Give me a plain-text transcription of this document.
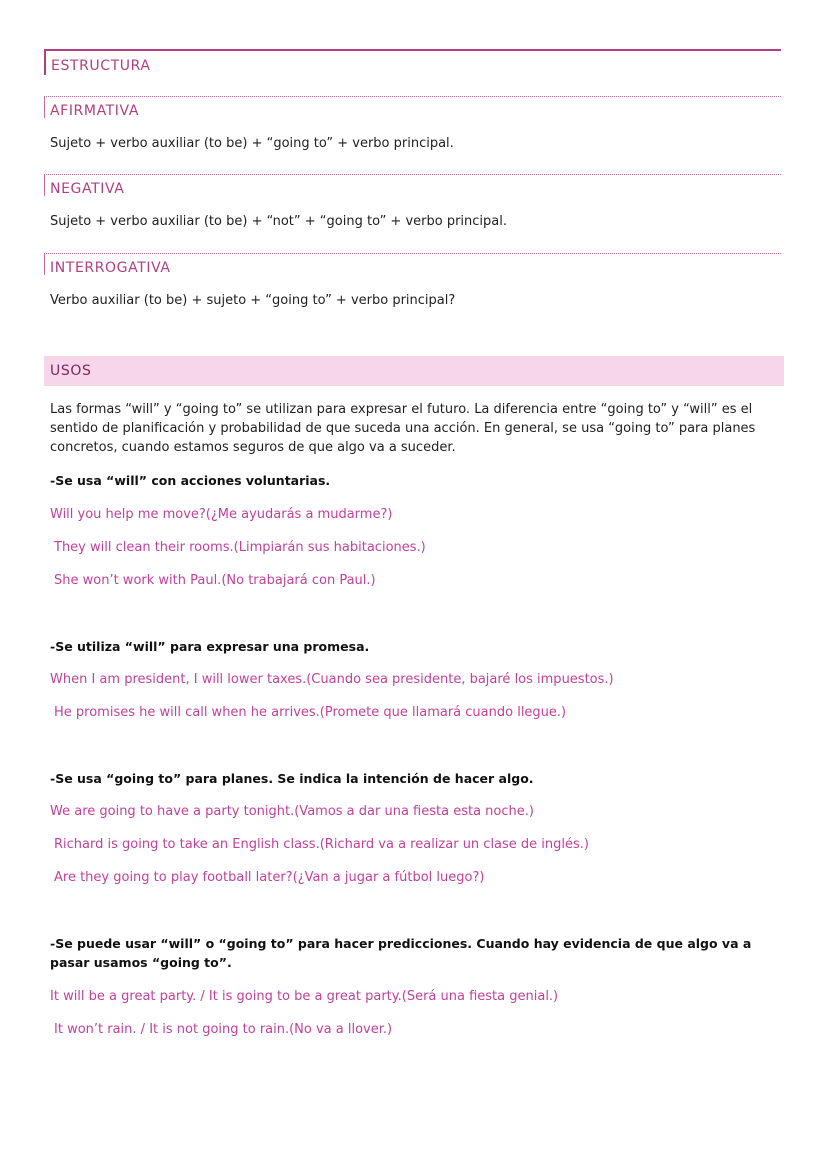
ESTRUCTURA
AFIRMATIVA
Sujeto + verbo auxiliar (to be) + “going to” + verbo principal.
NEGATIVA
Sujeto + verbo auxiliar (to be) + “not” + “going to” + verbo principal.
INTERROGATIVA
Verbo auxiliar (to be) + sujeto + “going to” + verbo principal?
USOS
Las formas “will” y “going to” se utilizan para expresar el futuro. La diferencia entre “going to” y “will” es el sentido de planificación y probabilidad de que suceda una acción. En general, se usa “going to” para planes concretos, cuando estamos seguros de que algo va a suceder.
-Se usa “will” con acciones voluntarias.
Will you help me move?(¿Me ayudarás a mudarme?)
They will clean their rooms.(Limpiarán sus habitaciones.)
She won’t work with Paul.(No trabajará con Paul.)
-Se utiliza “will” para expresar una promesa.
When I am president, I will lower taxes.(Cuando sea presidente, bajaré los impuestos.)
He promises he will call when he arrives.(Promete que llamará cuando llegue.)
-Se usa “going to” para planes. Se indica la intención de hacer algo.
We are going to have a party tonight.(Vamos a dar una fiesta esta noche.)
Richard is going to take an English class.(Richard va a realizar un clase de inglés.)
Are they going to play football later?(¿Van a jugar a fútbol luego?)
-Se puede usar “will” o “going to” para hacer predicciones. Cuando hay evidencia de que algo va a pasar usamos “going to”.
It will be a great party. / It is going to be a great party.(Será una fiesta genial.)
It won’t rain. / It is not going to rain.(No va a llover.)
